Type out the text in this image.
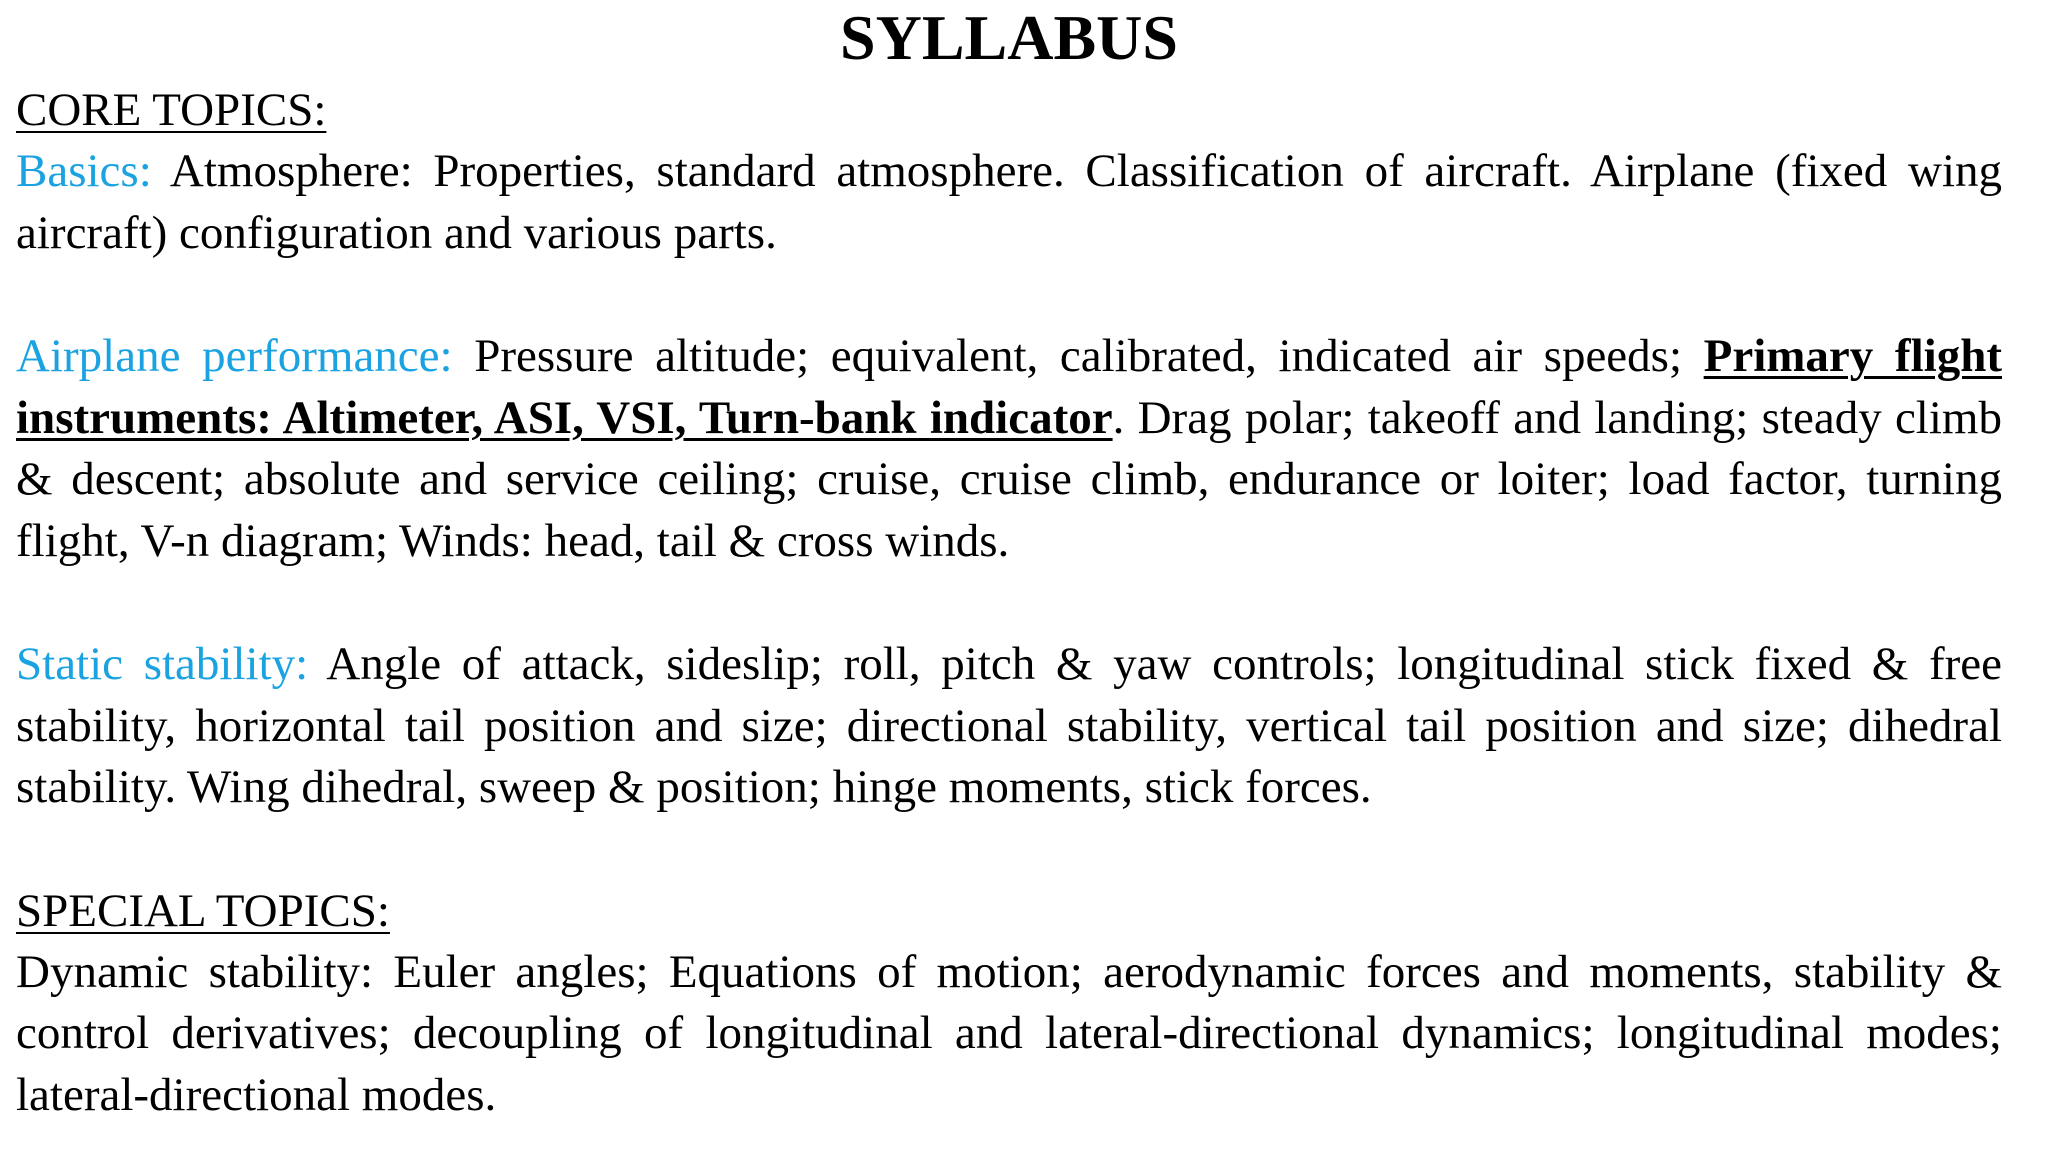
SYLLABUS
CORE TOPICS:

Basics: Atmosphere: Properties, standard atmosphere. Classification of aircraft. Airplane (fixed wing aircraft) configuration and various parts.

Airplane performance: Pressure altitude; equivalent, calibrated, indicated air speeds; Primary flight instruments: Altimeter, ASI, VSI, Turn-bank indicator. Drag polar; takeoff and landing; steady climb & descent; absolute and service ceiling; cruise, cruise climb, endurance or loiter; load factor, turning flight, V-n diagram; Winds: head, tail & cross winds.

Static stability: Angle of attack, sideslip; roll, pitch & yaw controls; longitudinal stick fixed & free stability, horizontal tail position and size; directional stability, vertical tail position and size; dihedral stability. Wing dihedral, sweep & position; hinge moments, stick forces.

SPECIAL TOPICS:

Dynamic stability: Euler angles; Equations of motion; aerodynamic forces and moments, stability & control derivatives; decoupling of longitudinal and lateral-directional dynamics; longitudinal modes; lateral-directional modes.
